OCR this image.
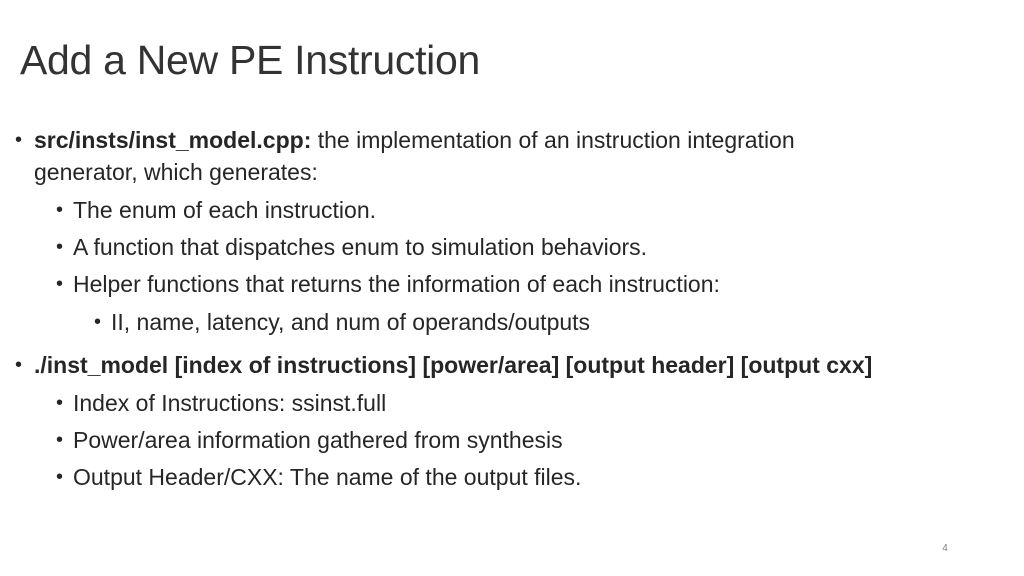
Add a New PE Instruction
• src/insts/inst_model.cpp: the implementation of an instruction integration
generator, which generates:
• The enum of each instruction.
• A function that dispatches enum to simulation behaviors.
• Helper functions that returns the information of each instruction:
• II, name, latency, and num of operands/outputs
• ./inst_model [index of instructions] [power/area] [output header] [output cxx]
• Index of Instructions: ssinst.full
• Power/area information gathered from synthesis
• Output Header/CXX: The name of the output files.
4
